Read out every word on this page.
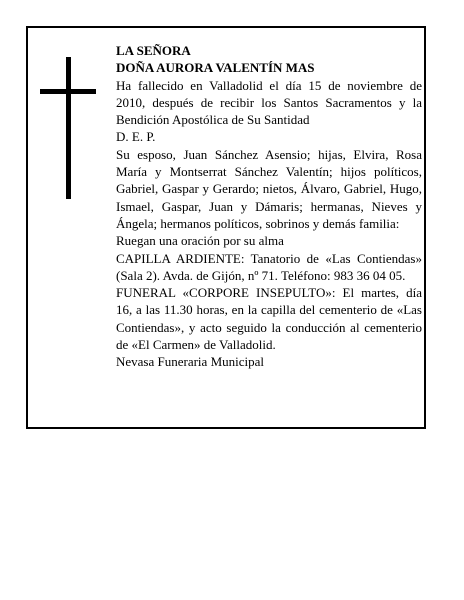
LA SEÑORA

DOÑA AURORA VALENTÍN MAS

Ha fallecido en Valladolid el día 15 de noviembre de 2010, después de recibir los Santos Sacramentos y la Bendición Apostólica de Su Santidad

D. E. P.

Su esposo, Juan Sánchez Asensio; hijas, Elvira, Rosa María y Montserrat Sánchez Valentín; hijos políticos, Gabriel, Gaspar y Gerardo; nietos, Álvaro, Gabriel, Hugo, Ismael, Gaspar, Juan y Dámaris; hermanas, Nieves y Ángela; hermanos políticos, sobrinos y demás familia:

Ruegan una oración por su alma

CAPILLA ARDIENTE: Tanatorio de «Las Contiendas» (Sala 2). Avda. de Gijón, nº 71. Teléfono: 983 36 04 05.

FUNERAL «CORPORE INSEPULTO»: El martes, día 16, a las 11.30 horas, en la capilla del cementerio de «Las Contiendas», y acto seguido la conducción al cementerio de «El Carmen» de Valladolid.

Nevasa Funeraria Municipal
